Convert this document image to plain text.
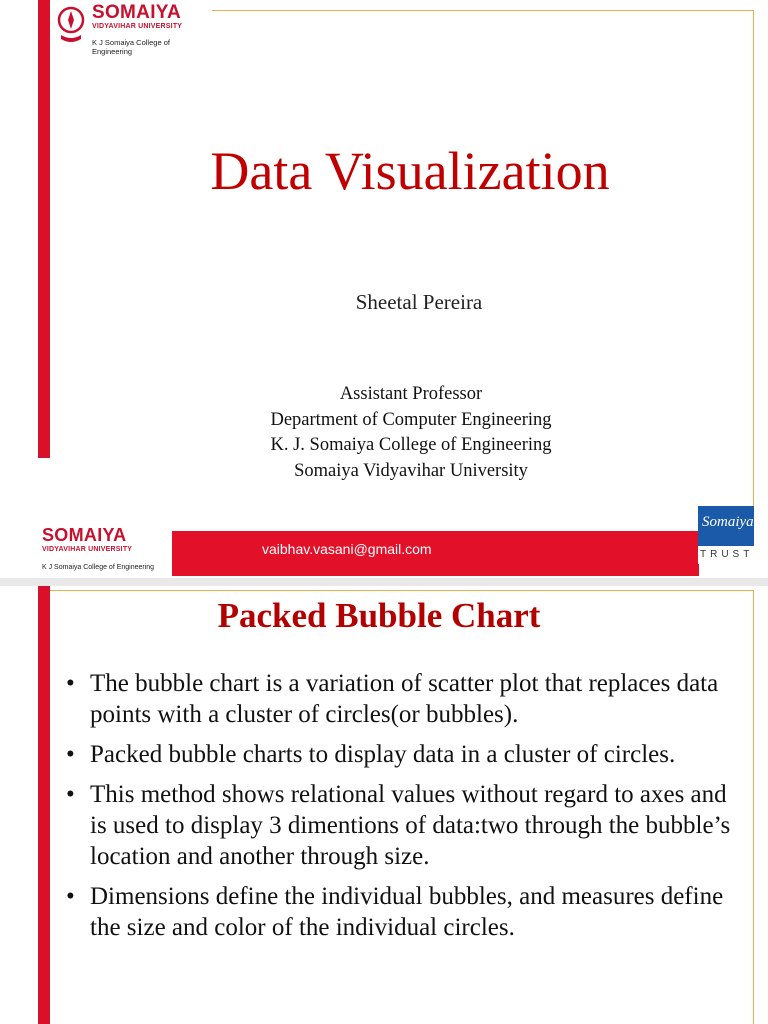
SOMAIYA
VIDYAVIHAR UNIVERSITY
K J Somaiya College of Engineering
Data Visualization
Sheetal Pereira
Assistant Professor
Department of Computer Engineering
K. J. Somaiya College of Engineering
Somaiya Vidyavihar University
vaibhav.vasani@gmail.com
SOMAIYA
VIDYAVIHAR UNIVERSITY
K J Somaiya College of Engineering
Somaiya
TRUST
Packed Bubble Chart
• The bubble chart is a variation of scatter plot that replaces data points with a cluster of circles(or bubbles).
• Packed bubble charts to display data in a cluster of circles.
• This method shows relational values without regard to axes and is used to display 3 dimentions of data:two through the bubble’s location and another through size.
• Dimensions define the individual bubbles, and measures define the size and color of the individual circles.
